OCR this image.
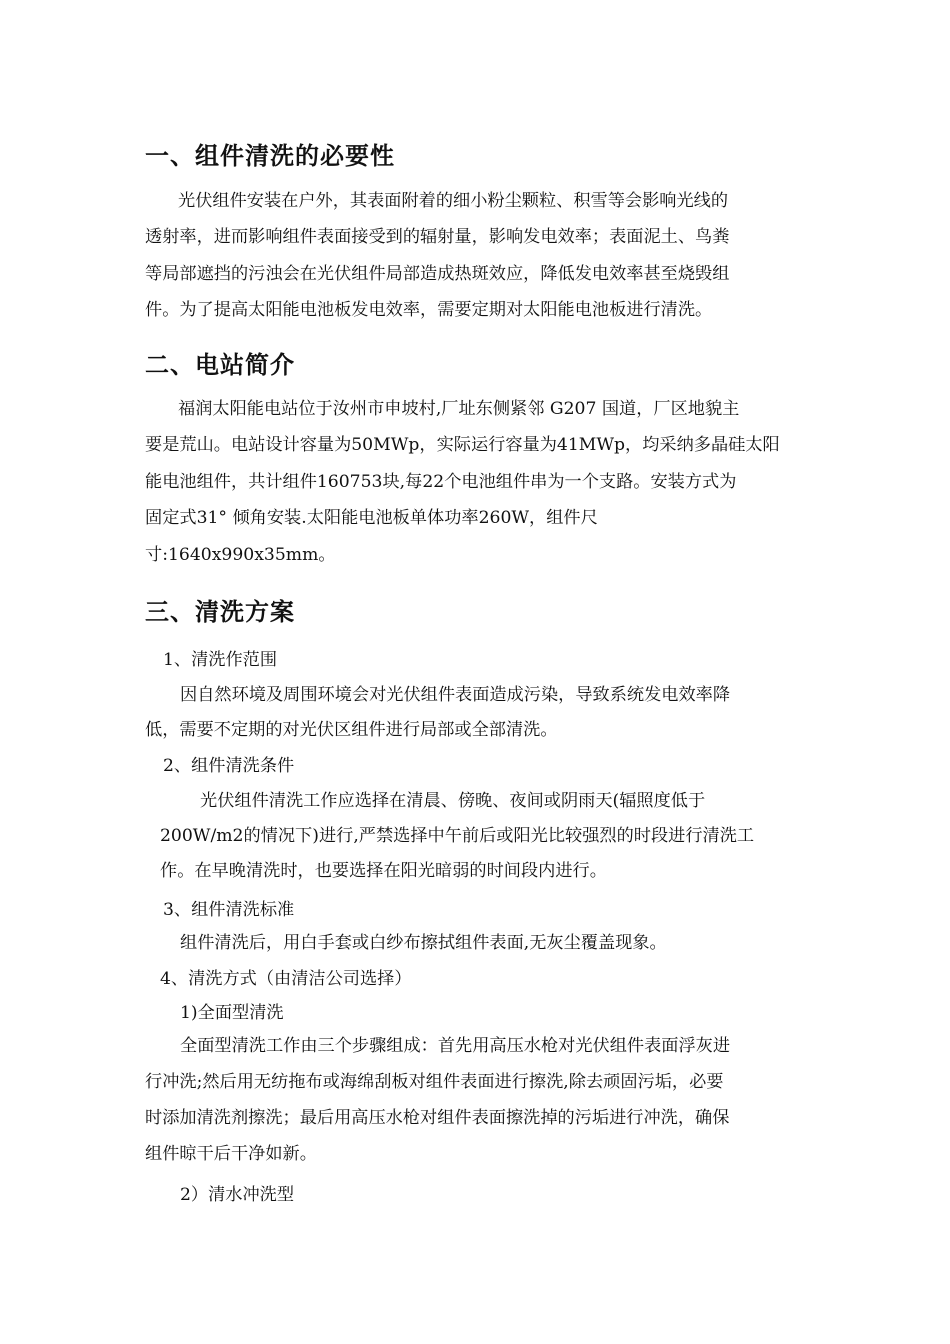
一、组件清洗的必要性

光伏组件安装在户外，其表面附着的细小粉尘颗粒、积雪等会影响光线的

透射率，进而影响组件表面接受到的辐射量，影响发电效率；表面泥土、鸟粪

等局部遮挡的污浊会在光伏组件局部造成热斑效应，降低发电效率甚至烧毁组

件。为了提高太阳能电池板发电效率，需要定期对太阳能电池板进行清洗。

二、电站简介

福润太阳能电站位于汝州市申坡村,厂址东侧紧邻 G207 国道，厂区地貌主

要是荒山。电站设计容量为50MWp，实际运行容量为41MWp，均采纳多晶硅太阳

能电池组件，共计组件160753块,每22个电池组件串为一个支路。安装方式为

固定式31° 倾角安装.太阳能电池板单体功率260W，组件尺

寸:1640x990x35mm。

三、清洗方案

1、清洗作范围

因自然环境及周围环境会对光伏组件表面造成污染，导致系统发电效率降

低，需要不定期的对光伏区组件进行局部或全部清洗。

2、组件清洗条件

光伏组件清洗工作应选择在清晨、傍晚、夜间或阴雨天(辐照度低于

200W/m2的情况下)进行,严禁选择中午前后或阳光比较强烈的时段进行清洗工

作。在早晚清洗时，也要选择在阳光暗弱的时间段内进行。

3、组件清洗标准

组件清洗后，用白手套或白纱布擦拭组件表面,无灰尘覆盖现象。

4、清洗方式（由清洁公司选择）

1)全面型清洗

全面型清洗工作由三个步骤组成：首先用高压水枪对光伏组件表面浮灰进

行冲洗;然后用无纺拖布或海绵刮板对组件表面进行擦洗,除去顽固污垢，必要

时添加清洗剂擦洗；最后用高压水枪对组件表面擦洗掉的污垢进行冲洗，确保

组件晾干后干净如新。

2）清水冲洗型
